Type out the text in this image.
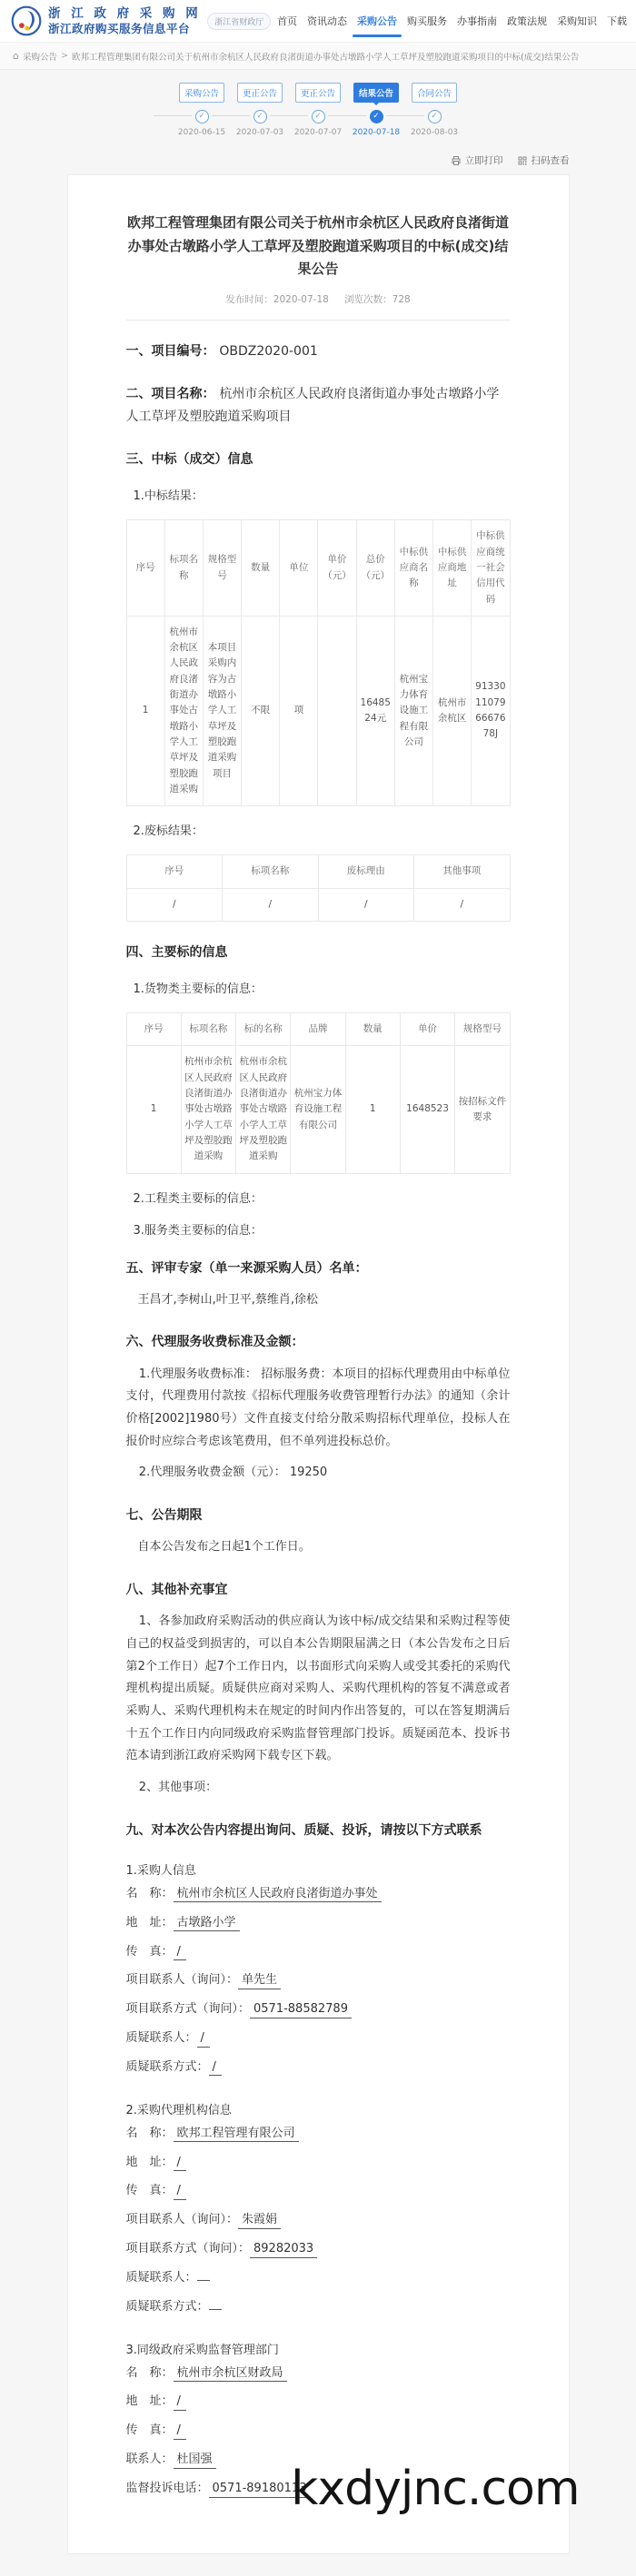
浙 江 政 府 采 购 网
浙江政府购买服务信息平台	浙江省财政厅	首页 资讯动态 采购公告 购买服务 办事指南 政策法规 采购知识 下载
⌂ 采购公告 > 欧邦工程管理集团有限公司关于杭州市余杭区人民政府良渚街道办事处古墩路小学人工草坪及塑胶跑道采购项目的中标(成交)结果公告
采购公告
✓
2020-06-15
更正公告
✓
2020-07-03
更正公告
✓
2020-07-07
结果公告
✓
2020-07-18
合同公告
✓
2020-08-03
立即打印	扫码查看
欧邦工程管理集团有限公司关于杭州市余杭区人民政府良渚街道办事处古墩路小学人工草坪及塑胶跑道采购项目的中标(成交)结果公告
发布时间：2020-07-18 浏览次数：728
一、项目编号： OBDZ2020-001
二、项目名称： 杭州市余杭区人民政府良渚街道办事处古墩路小学人工草坪及塑胶跑道采购项目
三、中标（成交）信息
1.中标结果：
序号	标项名称	规格型号	数量	单位	单价（元）	总价（元）	中标供应商名称	中标供应商地址	中标供应商统一社会信用代码
1	杭州市余杭区人民政府良渚街道办事处古墩路小学人工草坪及塑胶跑道采购	本项目采购内容为古墩路小学人工草坪及塑胶跑道采购项目	不限	项		1648524元	杭州宝力体育设施工程有限公司	杭州市余杭区	91330110796667678J
2.废标结果：
序号	标项名称	废标理由	其他事项
/	/	/	/
四、主要标的信息
1.货物类主要标的信息：
序号	标项名称	标的名称	品牌	数量	单价	规格型号
1	杭州市余杭区人民政府良渚街道办事处古墩路小学人工草坪及塑胶跑道采购	杭州市余杭区人民政府良渚街道办事处古墩路小学人工草坪及塑胶跑道采购	杭州宝力体育设施工程有限公司	1	1648523	按招标文件要求
2.工程类主要标的信息：
3.服务类主要标的信息：
五、评审专家（单一来源采购人员）名单：

王昌才,李树山,叶卫平,蔡维肖,徐松

六、代理服务收费标准及金额：

1.代理服务收费标准： 招标服务费：本项目的招标代理费用由中标单位支付，代理费用付款按《招标代理服务收费管理暂行办法》的通知（余计价格[2002]1980号）文件直接支付给分散采购招标代理单位，投标人在报价时应综合考虑该笔费用，但不单列进投标总价。

2.代理服务收费金额（元）： 19250

七、公告期限

自本公告发布之日起1个工作日。

八、其他补充事宜

1、各参加政府采购活动的供应商认为该中标/成交结果和采购过程等使自己的权益受到损害的，可以自本公告期限届满之日（本公告发布之日后第2个工作日）起7个工作日内，以书面形式向采购人或受其委托的采购代理机构提出质疑。质疑供应商对采购人、采购代理机构的答复不满意或者采购人、采购代理机构未在规定的时间内作出答复的，可以在答复期满后十五个工作日内向同级政府采购监督管理部门投诉。质疑函范本、投诉书范本请到浙江政府采购网下载专区下载。

2、其他事项：

九、对本次公告内容提出询问、质疑、投诉，请按以下方式联系
1.采购人信息
名　称： 杭州市余杭区人民政府良渚街道办事处
地　址： 古墩路小学
传　真： /
项目联系人（询问）： 单先生
项目联系方式（询问）： 0571-88582789
质疑联系人： /
质疑联系方式： /
2.采购代理机构信息
名　称： 欧邦工程管理有限公司
地　址： /
传　真： /
项目联系人（询问）： 朱霞娟
项目联系方式（询问）： 89282033
质疑联系人：
质疑联系方式：
3.同级政府采购监督管理部门
名　称： 杭州市余杭区财政局
地　址： /
传　真： /
联系人： 杜国强
监督投诉电话： 0571-89180113
kxdyjnc.com
